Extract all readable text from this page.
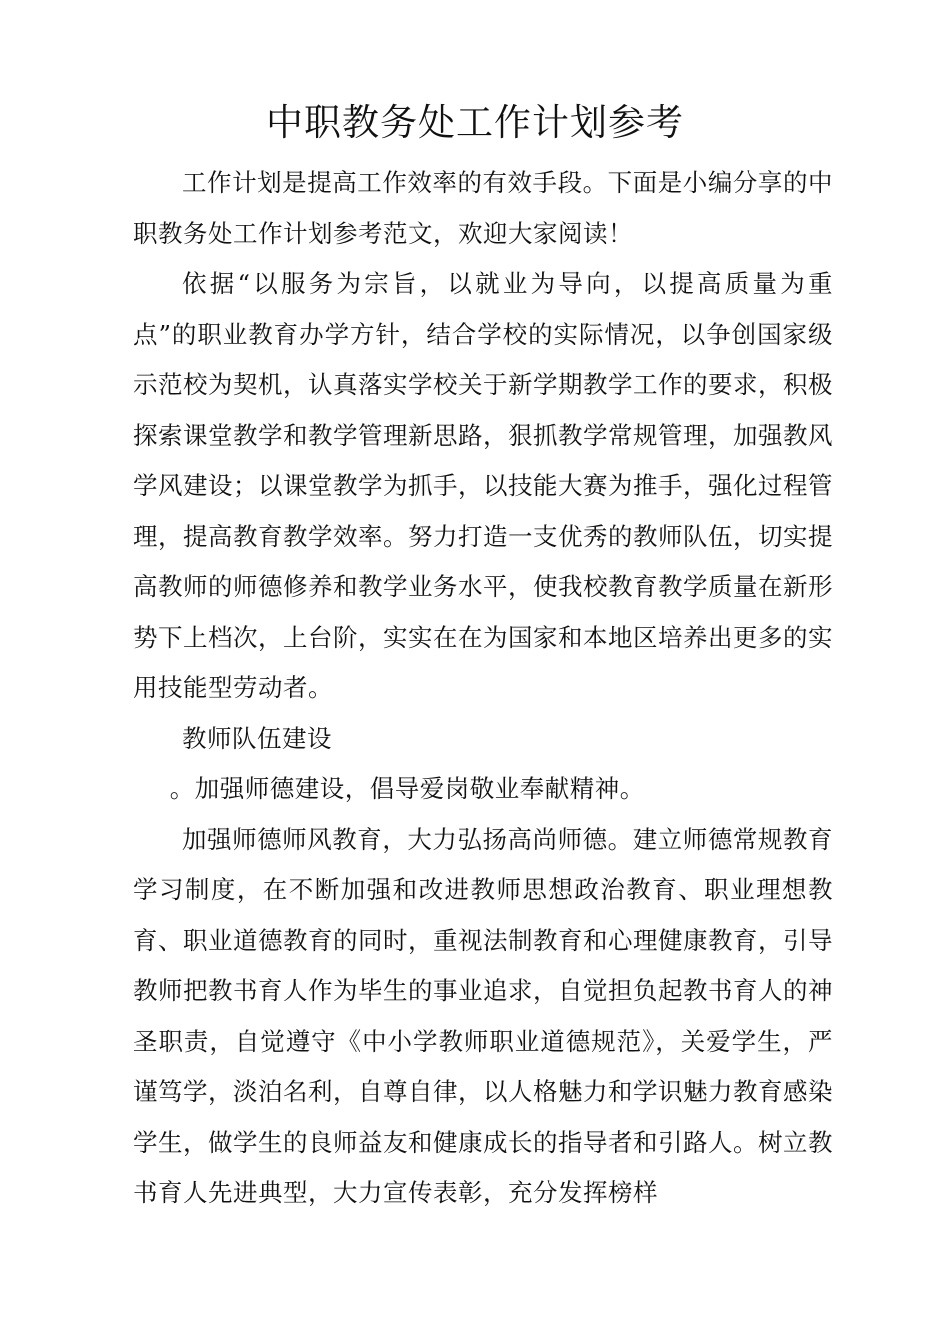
中职教务处工作计划参考

工作计划是提高工作效率的有效手段。下面是小编分享的中职教务处工作计划参考范文，欢迎大家阅读！

依据“以服务为宗旨，以就业为导向，以提高质量为重点”的职业教育办学方针，结合学校的实际情况，以争创国家级示范校为契机，认真落实学校关于新学期教学工作的要求，积极探索课堂教学和教学管理新思路，狠抓教学常规管理，加强教风学风建设；以课堂教学为抓手，以技能大赛为推手，强化过程管理，提高教育教学效率。努力打造一支优秀的教师队伍，切实提高教师的师德修养和教学业务水平，使我校教育教学质量在新形势下上档次，上台阶，实实在在为国家和本地区培养出更多的实用技能型劳动者。

教师队伍建设

。加强师德建设，倡导爱岗敬业奉献精神。

加强师德师风教育，大力弘扬高尚师德。建立师德常规教育学习制度，在不断加强和改进教师思想政治教育、职业理想教育、职业道德教育的同时，重视法制教育和心理健康教育，引导教师把教书育人作为毕生的事业追求，自觉担负起教书育人的神圣职责，自觉遵守《中小学教师职业道德规范》，关爱学生，严谨笃学，淡泊名利，自尊自律，以人格魅力和学识魅力教育感染学生，做学生的良师益友和健康成长的指导者和引路人。树立教书育人先进典型，大力宣传表彰，充分发挥榜样
